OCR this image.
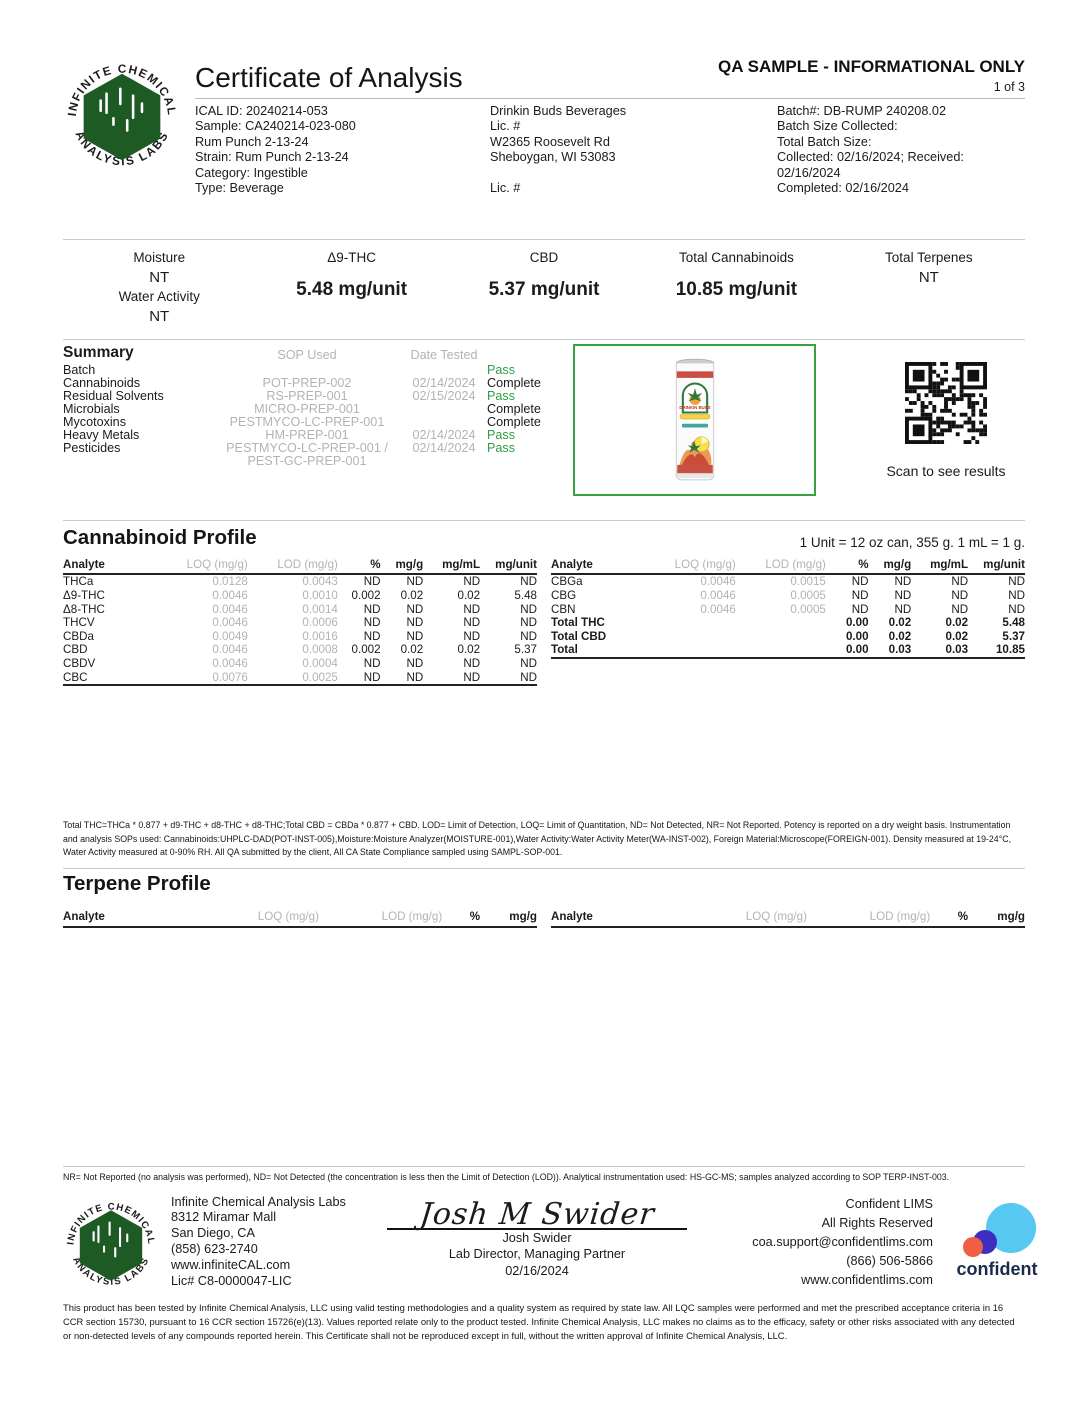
Certificate of Analysis	QA SAMPLE - INFORMATIONAL ONLY
1 of 3
ICAL ID: 20240214-053
Sample: CA240214-023-080
Rum Punch 2-13-24
Strain: Rum Punch 2-13-24
Category: Ingestible
Type: Beverage
Drinkin Buds Beverages
Lic. #
W2365 Roosevelt Rd
Sheboygan, WI 53083
Lic. #
Batch#: DB-RUMP 240208.02
Batch Size Collected:
Total Batch Size:
Collected: 02/16/2024; Received: 02/16/2024
Completed: 02/16/2024
Moisture
NT
Water Activity
NT
Δ9-THC
5.48 mg/unit
CBD
5.37 mg/unit
Total Cannabinoids
10.85 mg/unit
Total Terpenes
NT
Summary	SOP Used	Date Tested	
Batch			Pass
Cannabinoids	POT-PREP-002	02/14/2024	Complete
Residual Solvents	RS-PREP-001	02/15/2024	Pass
Microbials	MICRO-PREP-001		Complete
Mycotoxins	PESTMYCO-LC-PREP-001		Complete
Heavy Metals	HM-PREP-001	02/14/2024	Pass
Pesticides	PESTMYCO-LC-PREP-001 / PEST-GC-PREP-001	02/14/2024	Pass
DRINKIN BUDS
Scan to see results
Cannabinoid Profile	1 Unit = 12 oz can, 355 g. 1 mL = 1 g.
Analyte	LOQ (mg/g)	LOD (mg/g)	%	mg/g	mg/mL	mg/unit
THCa	0.0128	0.0043	ND	ND	ND	ND
Δ9-THC	0.0046	0.0010	0.002	0.02	0.02	5.48
Δ8-THC	0.0046	0.0014	ND	ND	ND	ND
THCV	0.0046	0.0006	ND	ND	ND	ND
CBDa	0.0049	0.0016	ND	ND	ND	ND
CBD	0.0046	0.0008	0.002	0.02	0.02	5.37
CBDV	0.0046	0.0004	ND	ND	ND	ND
CBC	0.0076	0.0025	ND	ND	ND	ND
Analyte	LOQ (mg/g)	LOD (mg/g)	%	mg/g	mg/mL	mg/unit
CBGa	0.0046	0.0015	ND	ND	ND	ND
CBG	0.0046	0.0005	ND	ND	ND	ND
CBN	0.0046	0.0005	ND	ND	ND	ND
Total THC			0.00	0.02	0.02	5.48
Total CBD			0.00	0.02	0.02	5.37
Total			0.00	0.03	0.03	10.85

Total THC=THCa * 0.877 + d9-THC + d8-THC + d8-THC;Total CBD = CBDa * 0.877 + CBD. LOD= Limit of Detection, LOQ= Limit of Quantitation, ND= Not Detected, NR= Not Reported. Potency is reported on a dry weight basis. Instrumentation and analysis SOPs used: Cannabinoids:UHPLC-DAD(POT-INST-005),Moisture:Moisture Analyzer(MOISTURE-001),Water Activity:Water Activity Meter(WA-INST-002), Foreign Material:Microscope(FOREIGN-001). Density measured at 19-24°C, Water Activity measured at 0-90% RH. All QA submitted by the client, All CA State Compliance sampled using SAMPL-SOP-001.

Terpene Profile
Analyte	LOQ (mg/g)	LOD (mg/g)	%	mg/g Analyte	LOQ (mg/g)	LOD (mg/g)	%	mg/g

NR= Not Reported (no analysis was performed), ND= Not Detected (the concentration is less then the Limit of Detection (LOD)). Analytical instrumentation used: HS-GC-MS; samples analyzed according to SOP TERP-INST-003.

Infinite Chemical Analysis Labs
8312 Miramar Mall
San Diego, CA
(858) 623-2740
www.infiniteCAL.com
Lic# C8-0000047-LIC
Josh M Swider
Josh Swider
Lab Director, Managing Partner
02/16/2024
Confident LIMS
All Rights Reserved
coa.support@confidentlims.com
(866) 506-5866
www.confidentlims.com
confident

This product has been tested by Infinite Chemical Analysis, LLC using valid testing methodologies and a quality system as required by state law. All LQC samples were performed and met the prescribed acceptance criteria in 16 CCR section 15730, pursuant to 16 CCR section 15726(e)(13). Values reported relate only to the product tested. Infinite Chemical Analysis, LLC makes no claims as to the efficacy, safety or other risks associated with any detected or non-detected levels of any compounds reported herein. This Certificate shall not be reproduced except in full, without the written approval of Infinite Chemical Analysis, LLC.
